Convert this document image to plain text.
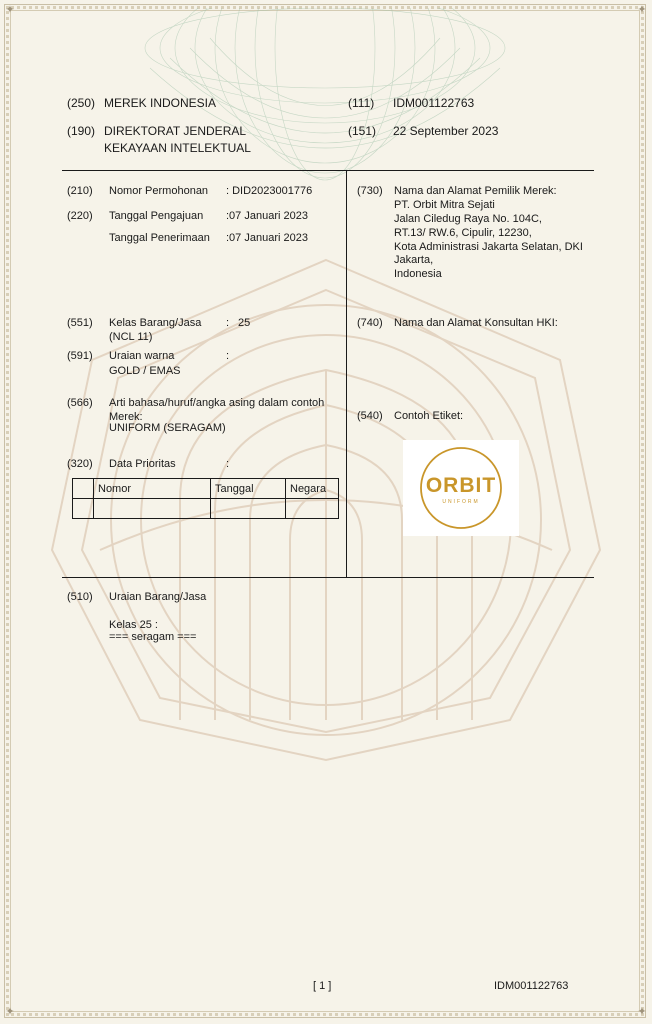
✦	✦
✦	✦
(250) MEREK INDONESIA
(190) DIREKTORAT JENDERAL
KEKAYAAN INTELEKTUAL
(111) IDM001122763
(151) 22 September 2023
(210) Nomor Permohonan : DID2023001776
(220) Tanggal Pengajuan :07 Januari 2023
Tanggal Penerimaan :07 Januari 2023
(730) Nama dan Alamat Pemilik Merek:
PT. Orbit Mitra Sejati
Jalan Ciledug Raya No. 104C,
RT.13/ RW.6, Cipulir, 12230,
Kota Administrasi Jakarta Selatan, DKI
Jakarta,
Indonesia
(551) Kelas Barang/Jasa : 25
(NCL 11)
(740) Nama dan Alamat Konsultan HKI:
(591) Uraian warna	:
GOLD / EMAS
(566) Arti bahasa/huruf/angka asing dalam contoh
Merek:
UNIFORM (SERAGAM)
(540) Contoh Etiket:
ORBIT
UNIFORM
(320) Data Prioritas	:
	Nomor	Tanggal	Negara

(510) Uraian Barang/Jasa
Kelas 25 :
=== seragam ===
[ 1 ]	IDM001122763
